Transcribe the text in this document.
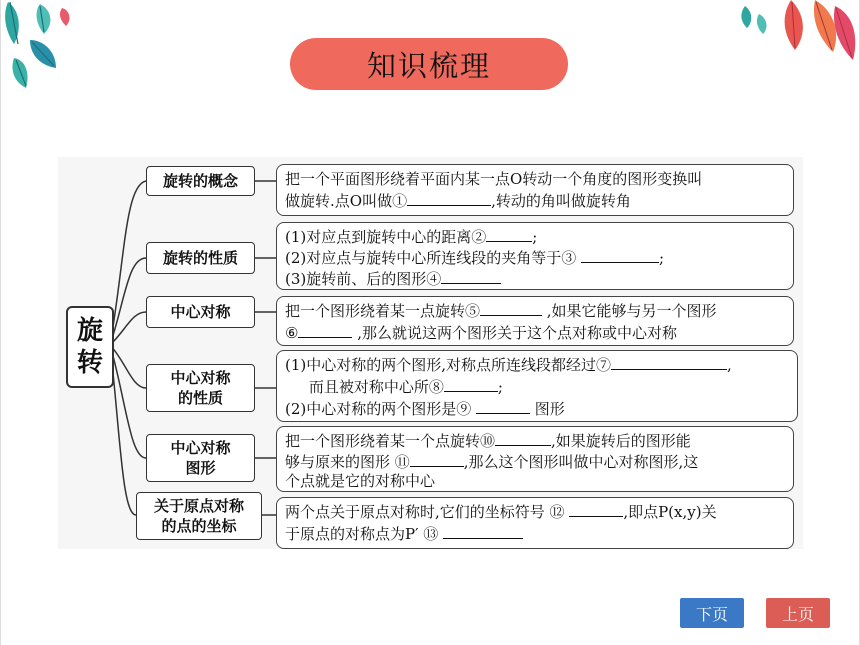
知识梳理
旋
转
旋转的概念
旋转的性质
中心对称
中心对称
的性质
中心对称
图形
关于原点对称
的点的坐标

把一个平面图形绕着平面内某一点O转动一个角度的图形变换叫

做旋转.点O叫做①	,转动的角叫做旋转角

(1)对应点到旋转中心的距离②	;

(2)对应点与旋转中心所连线段的夹角等于③	;

(3)旋转前、后的图形④

把一个图形绕着某一点旋转⑤	,如果它能够与另一个图形

⑥	,那么就说这两个图形关于这个点对称或中心对称

(1)中心对称的两个图形,对称点所连线段都经过⑦	,

而且被对称中心所⑧	;

(2)中心对称的两个图形是⑨	图形

把一个图形绕着某一个点旋转⑩	,如果旋转后的图形能

够与原来的图形 ⑪	,那么这个图形叫做中心对称图形,这

个点就是它的对称中心

两个点关于原点对称时,它们的坐标符号 ⑫	,即点P(x,y)关

于原点的对称点为P′ ⑬

下页	上页
